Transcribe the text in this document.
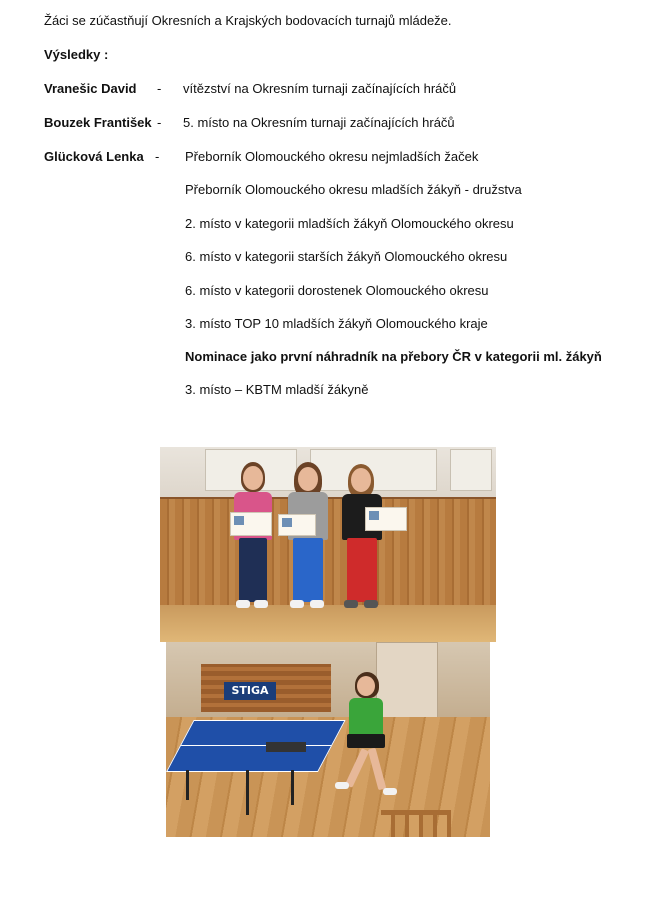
Žáci se zúčastňují Okresních a Krajských bodovacích turnajů mládeže.
Výsledky :
Vranešic David - vítězství na Okresním turnaji začínajících hráčů
Bouzek František - 5. místo na Okresním turnaji začínajících hráčů
Glücková Lenka - Přeborník Olomouckého okresu nejmladších žaček
Přeborník Olomouckého okresu mladších žákyň - družstva
2. místo v kategorii mladších žákyň Olomouckého okresu
6. místo v kategorii starších žákyň Olomouckého okresu
6. místo v kategorii dorostenek Olomouckého okresu
3. místo TOP 10 mladších žákyň Olomouckého kraje
Nominace jako první náhradník na přebory ČR v kategorii ml. žákyň
3. místo – KBTM mladší žákyně
STIGA
